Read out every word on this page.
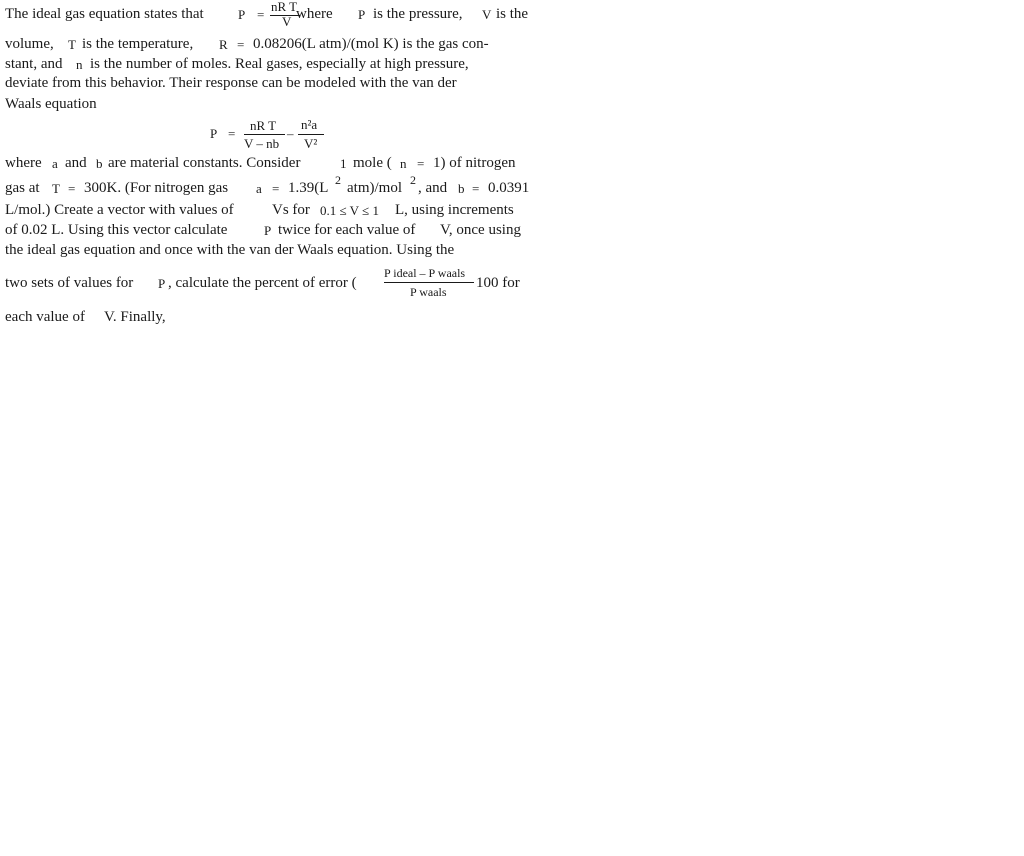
The ideal gas equation states that	P =
nR T
V where P is the pressure, V is the
volume, T is the temperature, R = 0.08206(L atm)/(mol K) is the gas con-
stant, and n is the number of moles. Real gases, especially at high pressure,
deviate from this behavior. Their response can be modeled with the van der
Waals equation
P =
nR T
V – nb
–
n²a
V²
where a and b are material constants. Consider	1 mole ( n = 1) of nitrogen
gas at T = 300K. (For nitrogen gas a = 1.39(L 2 atm)/mol 2 , and b = 0.0391
L/mol.) Create a vector with values of	Vs for 0.1 ≤ V ≤ 1 L, using increments
of 0.02 L. Using this vector calculate	P twice for each value of V, once using
the ideal gas equation and once with the van der Waals equation. Using the
two sets of values for P , calculate the percent of error (
P ideal – P waals
P waals
100 for
each value of V. Finally,
